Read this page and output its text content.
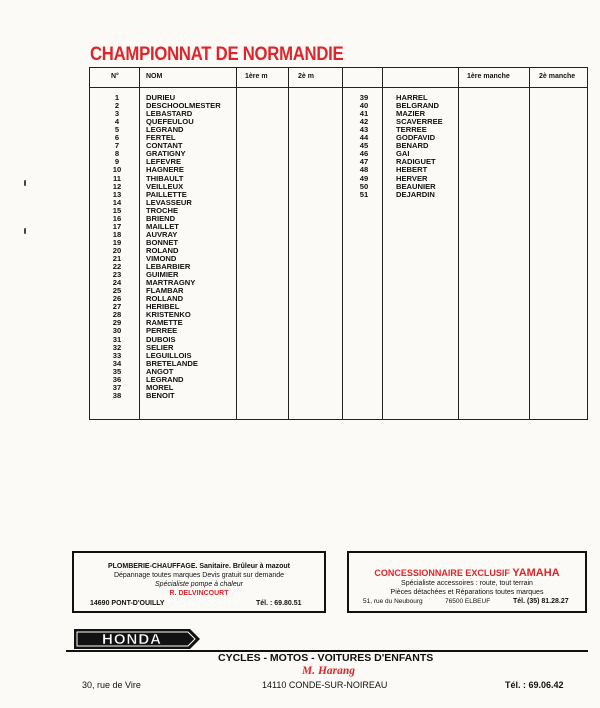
CHAMPIONNAT DE NORMANDIE
N°	NOM	1ère m	2è m	1ère manche	2è manche
1	DURIEU
2	DESCHOOLMESTER
3	LEBASTARD
4	QUEFEULOU
5	LEGRAND
6	FERTEL
7	CONTANT
8	GRATIGNY
9	LEFEVRE
10	HAGNERE
11	THIBAULT
12	VEILLEUX
13	PAILLETTE
14	LEVASSEUR
15	TROCHE
16	BRIEND
17	MAILLET
18	AUVRAY
19	BONNET
20	ROLAND
21	VIMOND
22	LEBARBIER
23	GUIMIER
24	MARTRAGNY
25	FLAMBAR
26	ROLLAND
27	HERIBEL
28	KRISTENKO
29	RAMETTE
30	PERREE
31	DUBOIS
32	SELIER
33	LEGUILLOIS
34	BRETELANDE
35	ANGOT
36	LEGRAND
37	MOREL
38	BENOIT
39	HARREL
40	BELGRAND
41	MAZIER
42	SCAVERREE
43	TERREE
44	GODFAVID
45	BENARD
46	GAI
47	RADIGUET
48	HEBERT
49	HERVER
50	BEAUNIER
51	DEJARDIN
PLOMBERIE-CHAUFFAGE. Sanitaire. Brûleur à mazout
Dépannage toutes marques Devis gratuit sur demande
Spécialiste pompe à chaleur
R. DELVINCOURT
14690 PONT-D'OUILLY	Tél. : 69.80.51
CONCESSIONNAIRE EXCLUSIF YAMAHA
Spécialiste accessoires : route, tout terrain
Pièces détachées et Réparations toutes marques
51, rue du Neubourg	76500 ELBEUF	Tél. (35) 81.28.27
HONDA
CYCLES - MOTOS - VOITURES D'ENFANTS
M. Harang
30, rue de Vire	14110 CONDE-SUR-NOIREAU	Tél. : 69.06.42
